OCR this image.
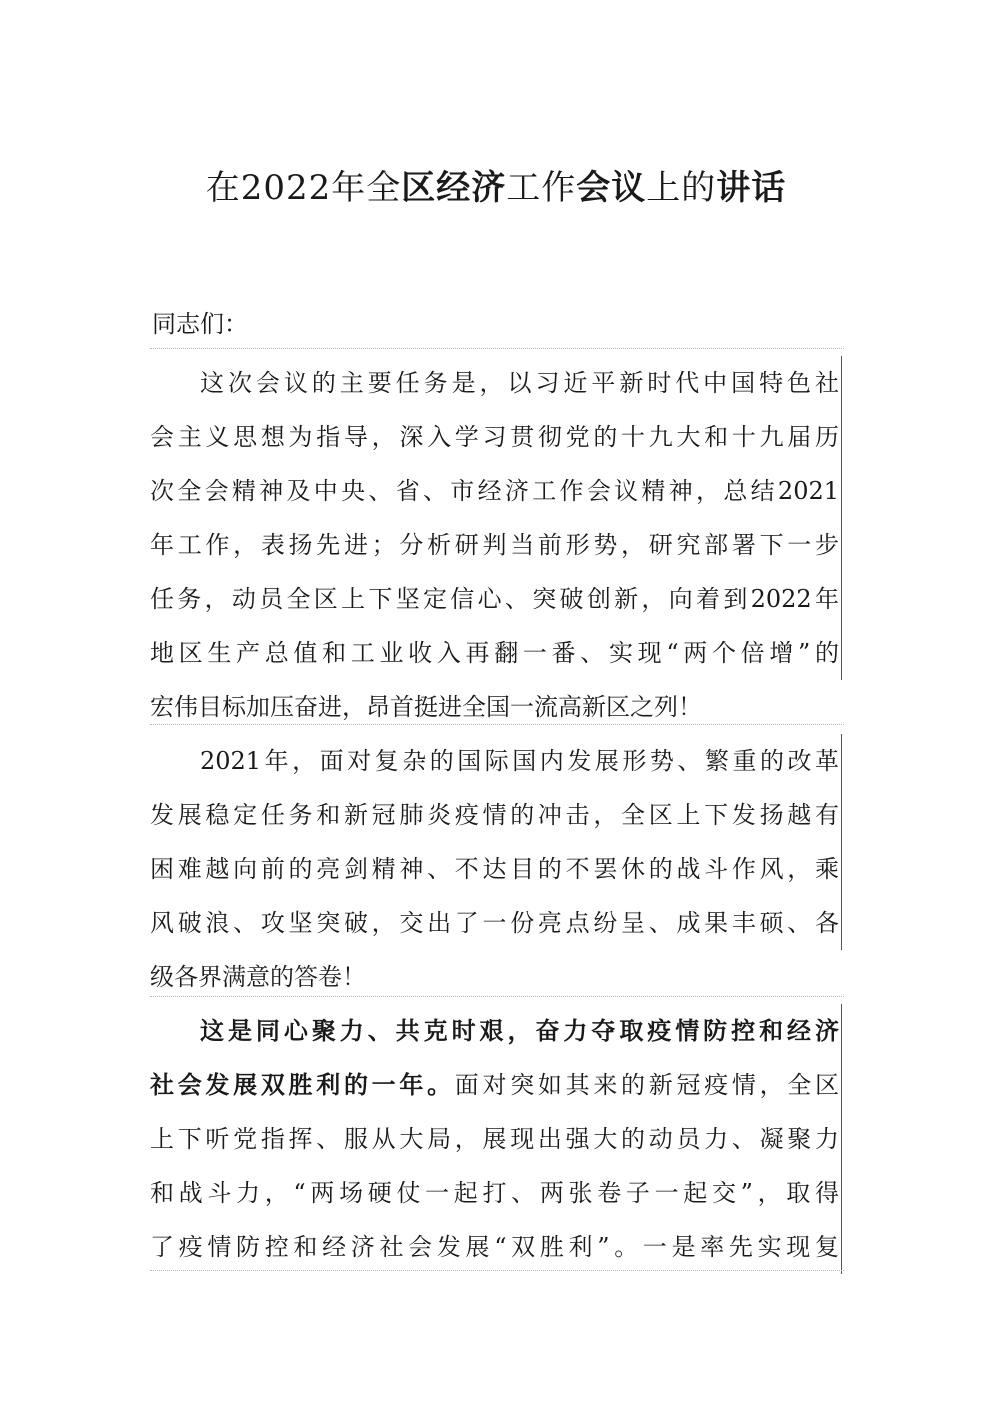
在2022年全区经济工作会议上的讲话
同志们：
这次会议的主要任务是，以习近平新时代中国特色社
会主义思想为指导，深入学习贯彻党的十九大和十九届历
次全会精神及中央、省、市经济工作会议精神，总结2021
年工作，表扬先进；分析研判当前形势，研究部署下一步
任务，动员全区上下坚定信心、突破创新，向着到2022年
地区生产总值和工业收入再翻一番、实现“两个倍增”的
宏伟目标加压奋进，昂首挺进全国一流高新区之列！
2021年，面对复杂的国际国内发展形势、繁重的改革
发展稳定任务和新冠肺炎疫情的冲击，全区上下发扬越有
困难越向前的亮剑精神、不达目的不罢休的战斗作风，乘
风破浪、攻坚突破，交出了一份亮点纷呈、成果丰硕、各
级各界满意的答卷！
这是同心聚力、共克时艰，奋力夺取疫情防控和经济
社会发展双胜利的一年。面对突如其来的新冠疫情，全区
上下听党指挥、服从大局，展现出强大的动员力、凝聚力
和战斗力，“两场硬仗一起打、两张卷子一起交”，取得
了疫情防控和经济社会发展“双胜利”。一是率先实现复
